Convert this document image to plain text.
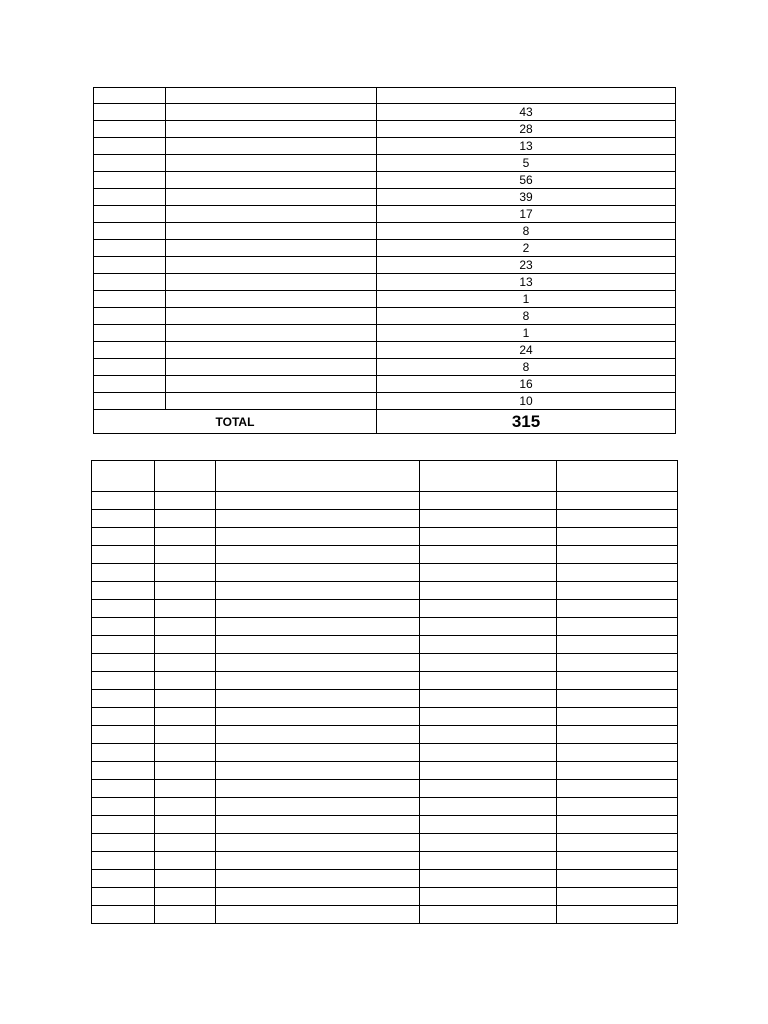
		43
		28
		13
		5
		56
		39
		17
		8
		2
		23
		13
		1
		8
		1
		24
		8
		16
		10
TOTAL		315
